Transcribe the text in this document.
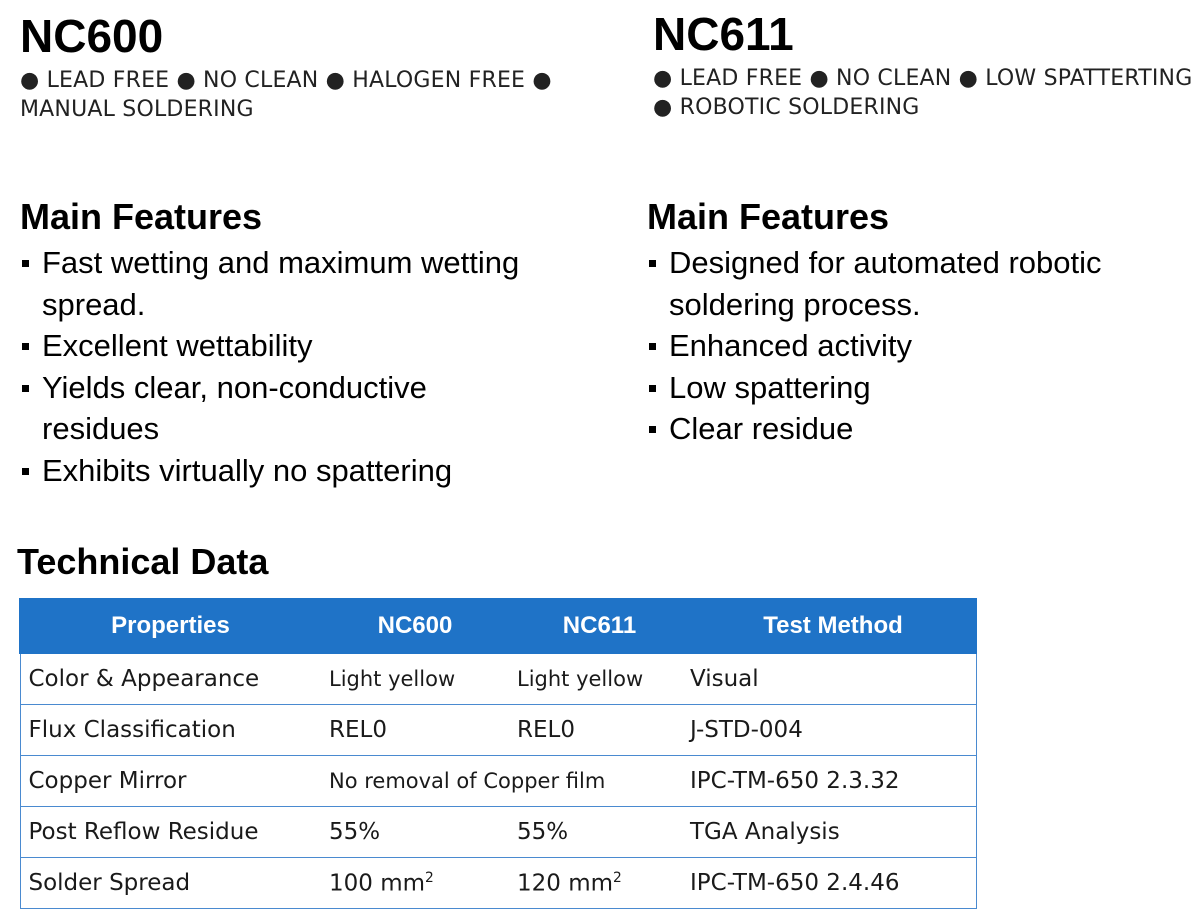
NC600
● LEAD FREE ● NO CLEAN ● HALOGEN FREE ●
MANUAL SOLDERING
Main Features
Fast wetting and maximum wetting spread.
Excellent wettability
Yields clear, non-conductive residues
Exhibits virtually no spattering
NC611
● LEAD FREE ● NO CLEAN ● LOW SPATTERTING
● ROBOTIC SOLDERING
Main Features
Designed for automated robotic soldering process.
Enhanced activity
Low spattering
Clear residue
Technical Data
Properties	NC600	NC611	Test Method
Color & Appearance	Light yellow	Light yellow	Visual
Flux Classification	REL0	REL0	J-STD-004
Copper Mirror	No removal of Copper film		IPC-TM-650 2.3.32
Post Reflow Residue	55%	55%	TGA Analysis
Solder Spread	100 $mm^2$	120 $mm^2$	IPC-TM-650 2.4.46
